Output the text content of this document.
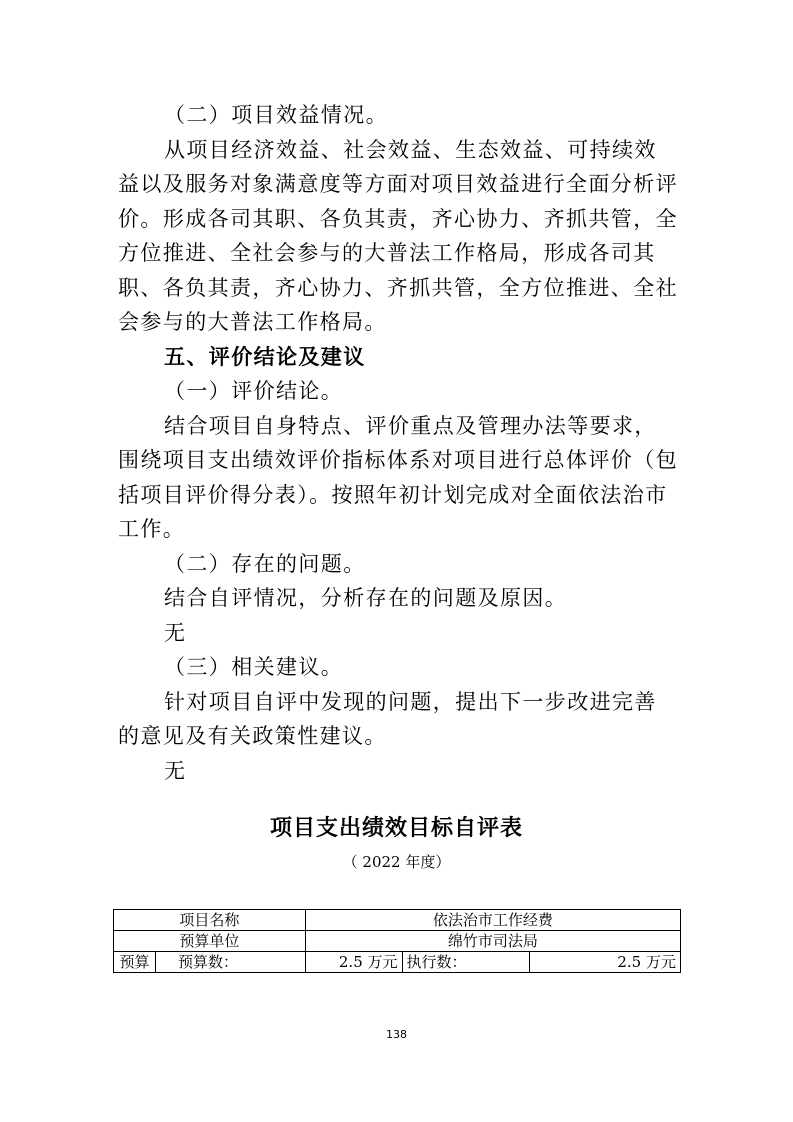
（二）项目效益情况。

从项目经济效益、社会效益、生态效益、可持续效益以及服务对象满意度等方面对项目效益进行全面分析评价。形成各司其职、各负其责，齐心协力、齐抓共管，全方位推进、全社会参与的大普法工作格局，形成各司其职、各负其责，齐心协力、齐抓共管，全方位推进、全社会参与的大普法工作格局。

五、评价结论及建议

（一）评价结论。

结合项目自身特点、评价重点及管理办法等要求，围绕项目支出绩效评价指标体系对项目进行总体评价（包括项目评价得分表）。按照年初计划完成对全面依法治市工作。

（二）存在的问题。

结合自评情况，分析存在的问题及原因。

无

（三）相关建议。

针对项目自评中发现的问题，提出下一步改进完善的意见及有关政策性建议。

无

项目支出绩效目标自评表
（ 2022 年度）
项目名称		依法治市工作经费		
预算单位		绵竹市司法局		
预算	预算数：	2.5 万元	执行数：	2.5 万元
138
